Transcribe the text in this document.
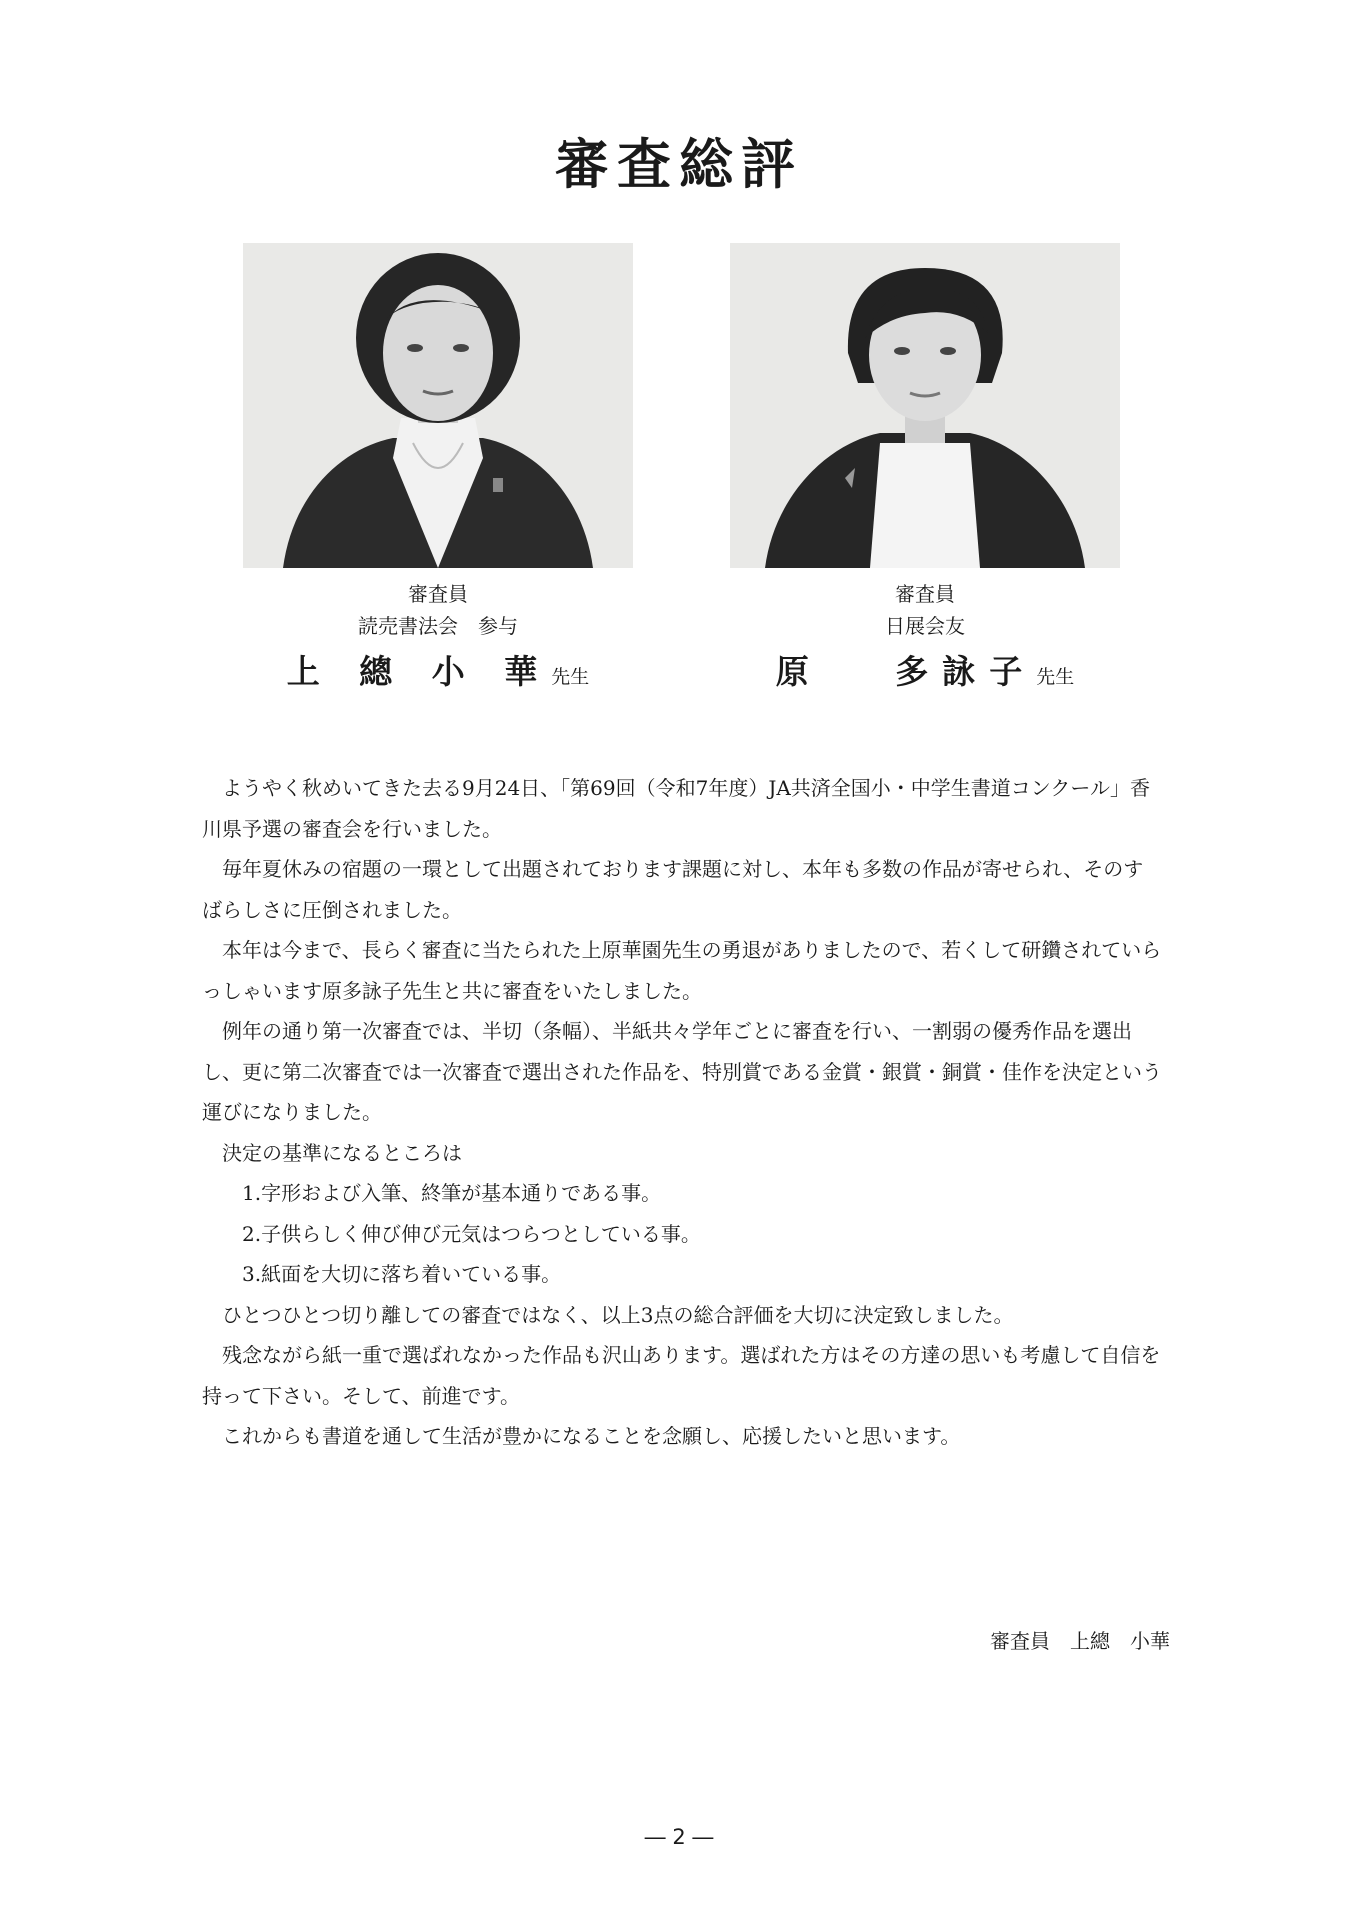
審査総評
審査員
読売書法会　参与
上 總 小 華先生
審査員
日展会友
原　 多詠子先生

ようやく秋めいてきた去る9月24日、「第69回（令和7年度）JA共済全国小・中学生書道コンクール」香川県予選の審査会を行いました。

毎年夏休みの宿題の一環として出題されております課題に対し、本年も多数の作品が寄せられ、そのすばらしさに圧倒されました。

本年は今まで、長らく審査に当たられた上原華園先生の勇退がありましたので、若くして研鑽されていらっしゃいます原多詠子先生と共に審査をいたしました。

例年の通り第一次審査では、半切（条幅）、半紙共々学年ごとに審査を行い、一割弱の優秀作品を選出し、更に第二次審査では一次審査で選出された作品を、特別賞である金賞・銀賞・銅賞・佳作を決定という運びになりました。

決定の基準になるところは

1.字形および入筆、終筆が基本通りである事。

2.子供らしく伸び伸び元気はつらつとしている事。

3.紙面を大切に落ち着いている事。

ひとつひとつ切り離しての審査ではなく、以上3点の総合評価を大切に決定致しました。

残念ながら紙一重で選ばれなかった作品も沢山あります。選ばれた方はその方達の思いも考慮して自信を持って下さい。そして、前進です。

これからも書道を通して生活が豊かになることを念願し、応援したいと思います。

審査員　上總　小華
― 2 ―
